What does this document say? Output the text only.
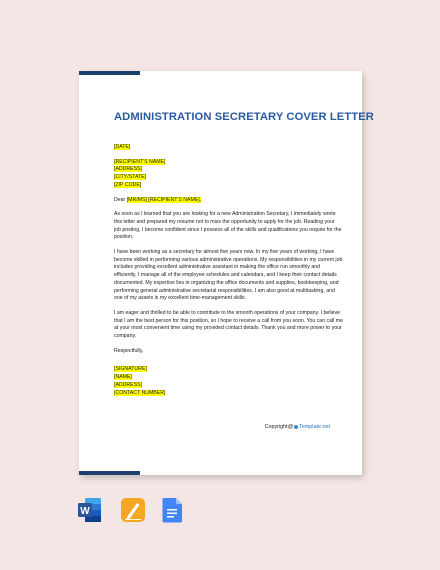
ADMINISTRATION SECRETARY COVER LETTER
[DATE]
[RECIPIENT'S NAME]
[ADDRESS]
[CITY/STATE]
[ZIP CODE]
Dear [MR/MS] [RECIPIENT'S NAME],

As soon as I learned that you are looking for a new Administration Secretary, I immediately wrote
this letter and prepared my resume not to miss the opportunity to apply for the job. Reading your
job posting, I become confident since I possess all of the skills and qualifications you require for the
position.

I have been working as a secretary for almost five years now. In my five years of working, I have
become skilled in performing various administrative operations. My responsibilities in my current job
includes providing excellent administrative assistant in making the office run smoothly and
efficiently. I manage all of the employee schedules and calendars, and I keep their contact details
documented. My expertise lies in organizing the office documents and supplies, bookkeeping, and
performing general administrative secretarial responsibilities. I am also good at multitasking, and
one of my assets is my excellent time-management skills.

I am eager and thrilled to be able to contribute to the smooth operations of your company. I believe
that I am the best person for this position, so I hope to receive a call from you soon. You can call me
at your most convenient time using my provided contact details. Thank you and more power to your
company.

Respectfully,

[SIGNATURE]
[NAME]
[ADDRESS]
[CONTACT NUMBER]
Copyright@ Template.net
W
